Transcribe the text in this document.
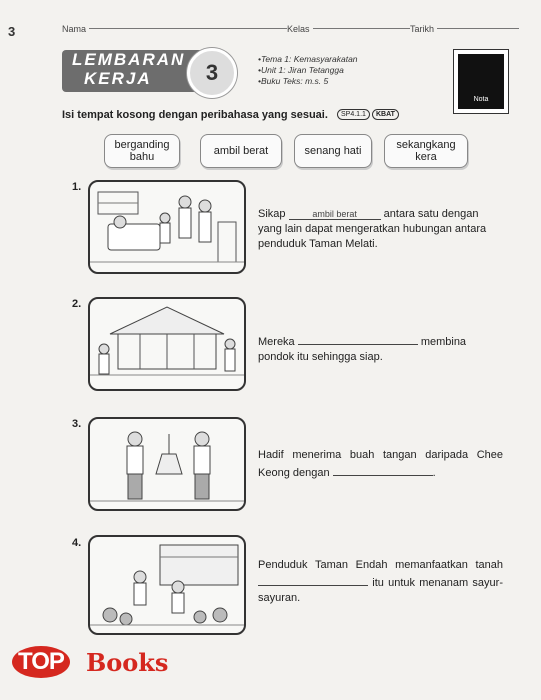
3	Nama	Kelas	Tarikh
LEMBARAN
KERJA	3
• Tema 1: Kemasyarakatan
• Unit 1: Jiran Tetangga
• Buku Teks: m.s. 5
Nota
Isi tempat kosong dengan peribahasa yang sesuai.	SP4.1.1	KBAT
berganding bahu	ambil berat	senang hati	sekangkang kera
1.
Sikap	ambil berat antara satu dengan yang lain dapat mengeratkan hubungan antara penduduk Taman Melati.
2.
Mereka	membina pondok itu sehingga siap.
3.
Hadif menerima buah tangan daripada Chee Keong dengan	.
4.
Penduduk Taman Endah memanfaatkan tanah  itu untuk menanam sayur-sayuran.
TOP Books
